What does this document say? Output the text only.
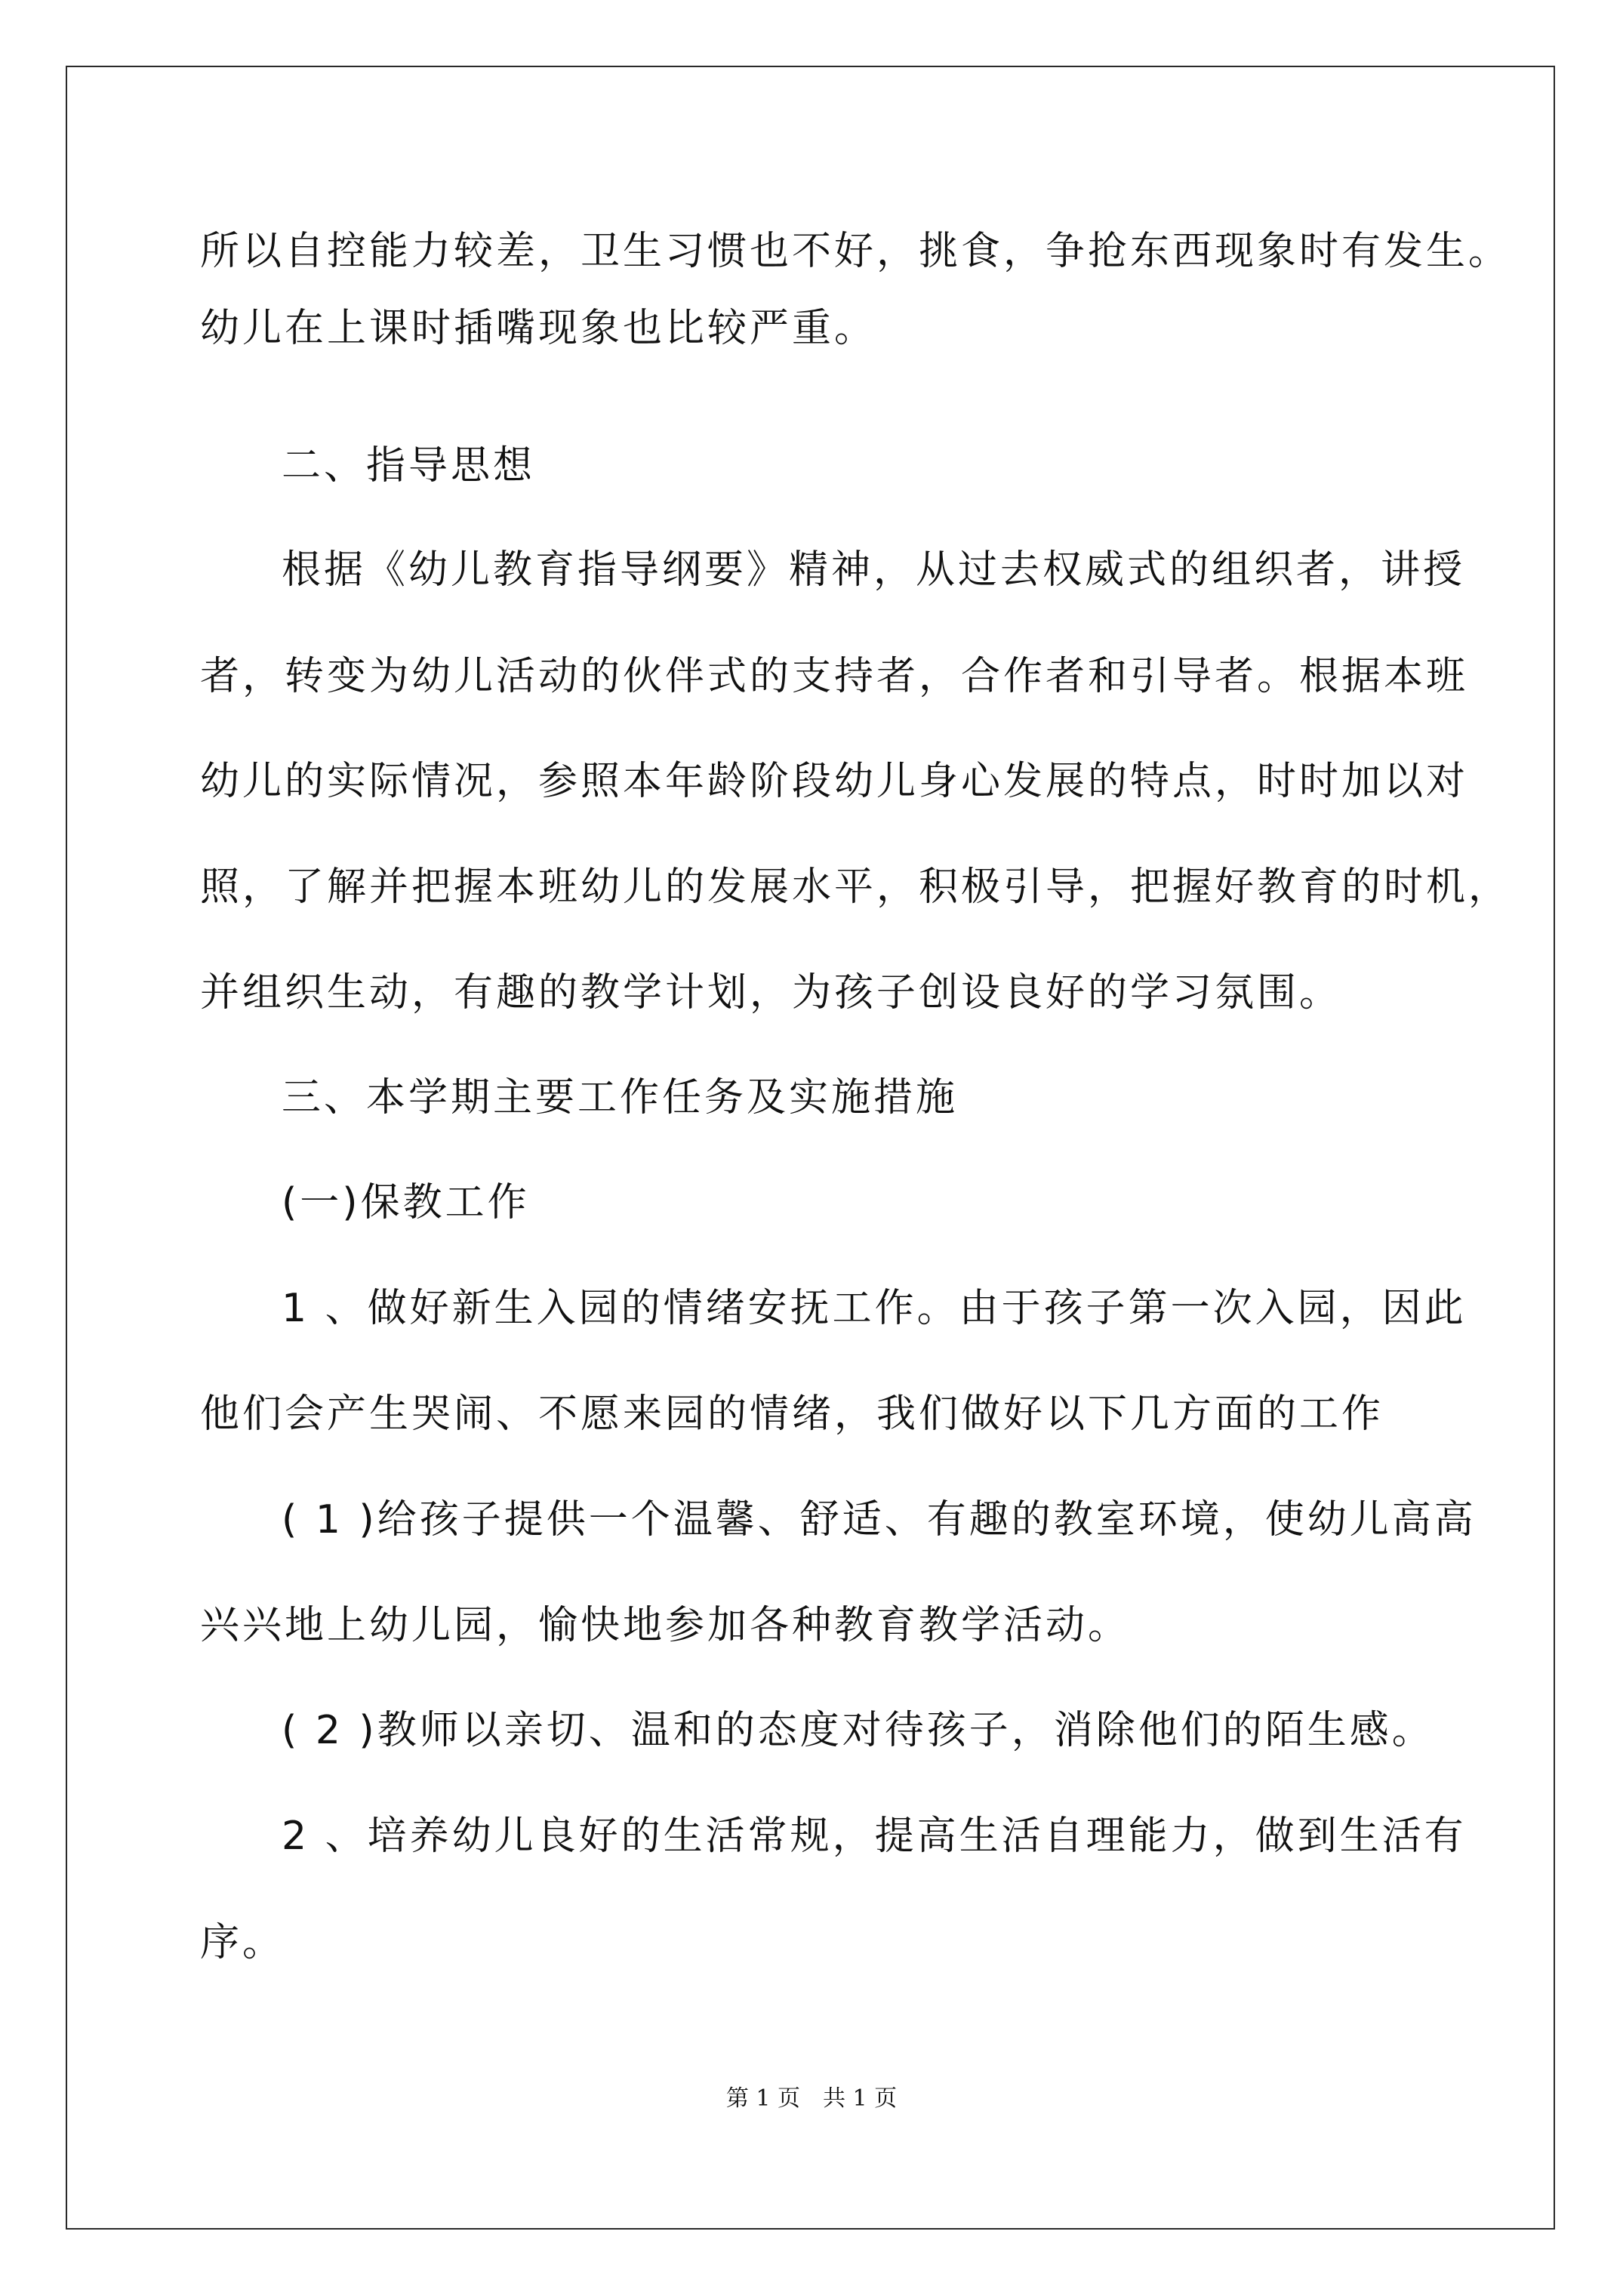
所以自控能力较差，卫生习惯也不好，挑食，争抢东西现象时有发生。
幼儿在上课时插嘴现象也比较严重。
二、指导思想
根据《幼儿教育指导纲要》精神，从过去权威式的组织者，讲授
者，转变为幼儿活动的伙伴式的支持者，合作者和引导者。根据本班
幼儿的实际情况，参照本年龄阶段幼儿身心发展的特点，时时加以对
照，了解并把握本班幼儿的发展水平，积极引导，把握好教育的时机，
并组织生动，有趣的教学计划，为孩子创设良好的学习氛围。
三、本学期主要工作任务及实施措施
(一)保教工作
1 、做好新生入园的情绪安抚工作。由于孩子第一次入园，因此
他们会产生哭闹、不愿来园的情绪，我们做好以下几方面的工作
( 1 )给孩子提供一个温馨、舒适、有趣的教室环境，使幼儿高高
兴兴地上幼儿园，愉快地参加各种教育教学活动。
( 2 )教师以亲切、温和的态度对待孩子，消除他们的陌生感。
2 、培养幼儿良好的生活常规，提高生活自理能力，做到生活有
序。
第 1 页　共 1 页
